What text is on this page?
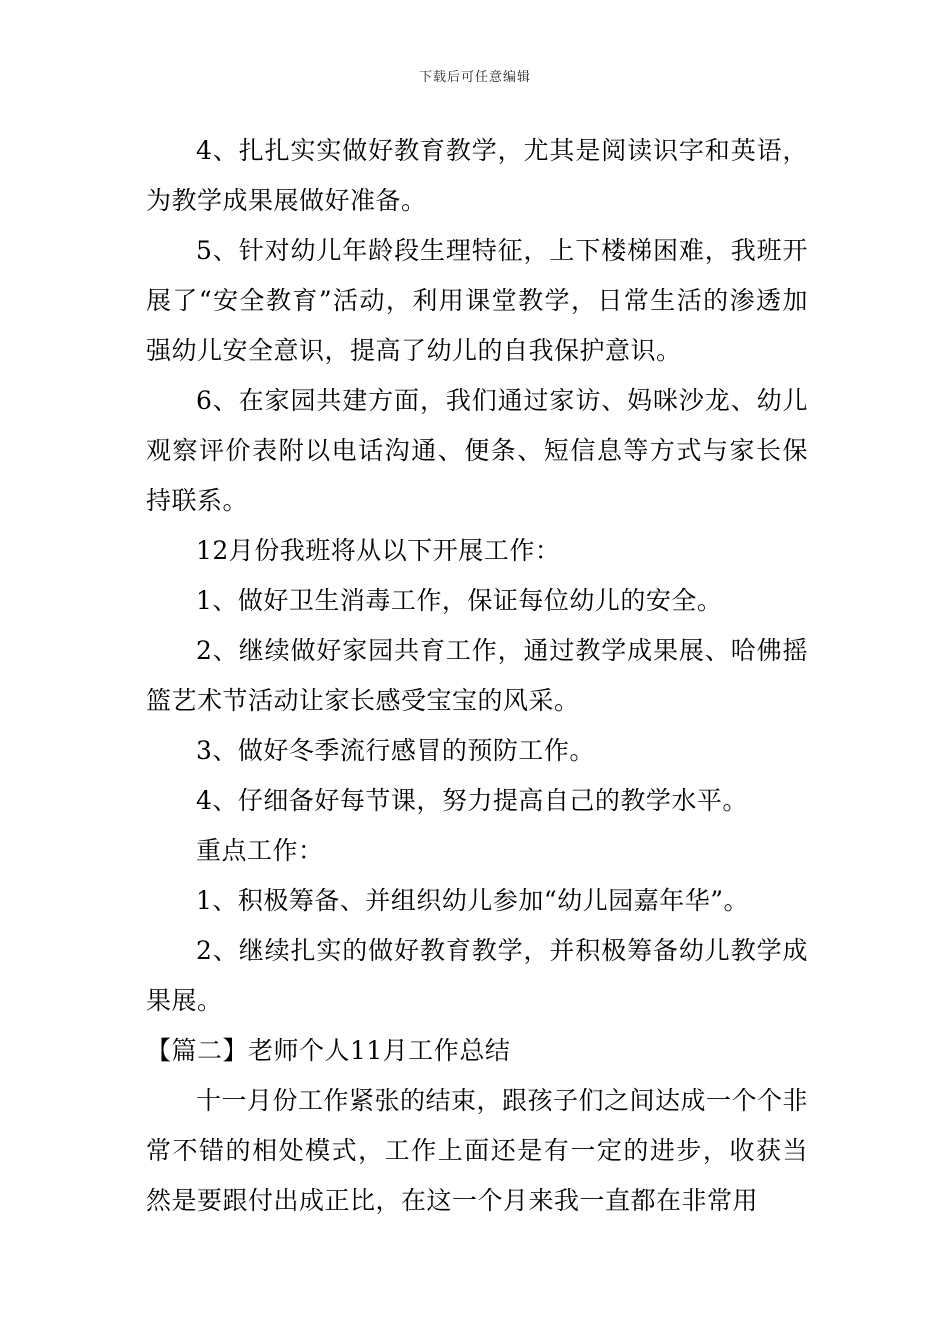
下载后可任意编辑

4、扎扎实实做好教育教学，尤其是阅读识字和英语，为教学成果展做好准备。

5、针对幼儿年龄段生理特征，上下楼梯困难，我班开展了“安全教育”活动，利用课堂教学，日常生活的渗透加强幼儿安全意识，提高了幼儿的自我保护意识。

6、在家园共建方面，我们通过家访、妈咪沙龙、幼儿观察评价表附以电话沟通、便条、短信息等方式与家长保持联系。

12月份我班将从以下开展工作：

1、做好卫生消毒工作，保证每位幼儿的安全。

2、继续做好家园共育工作，通过教学成果展、哈佛摇篮艺术节活动让家长感受宝宝的风采。

3、做好冬季流行感冒的预防工作。

4、仔细备好每节课，努力提高自己的教学水平。

重点工作：

1、积极筹备、并组织幼儿参加“幼儿园嘉年华”。

2、继续扎实的做好教育教学，并积极筹备幼儿教学成果展。

【篇二】老师个人11月工作总结

十一月份工作紧张的结束，跟孩子们之间达成一个个非常不错的相处模式，工作上面还是有一定的进步，收获当然是要跟付出成正比，在这一个月来我一直都在非常用
